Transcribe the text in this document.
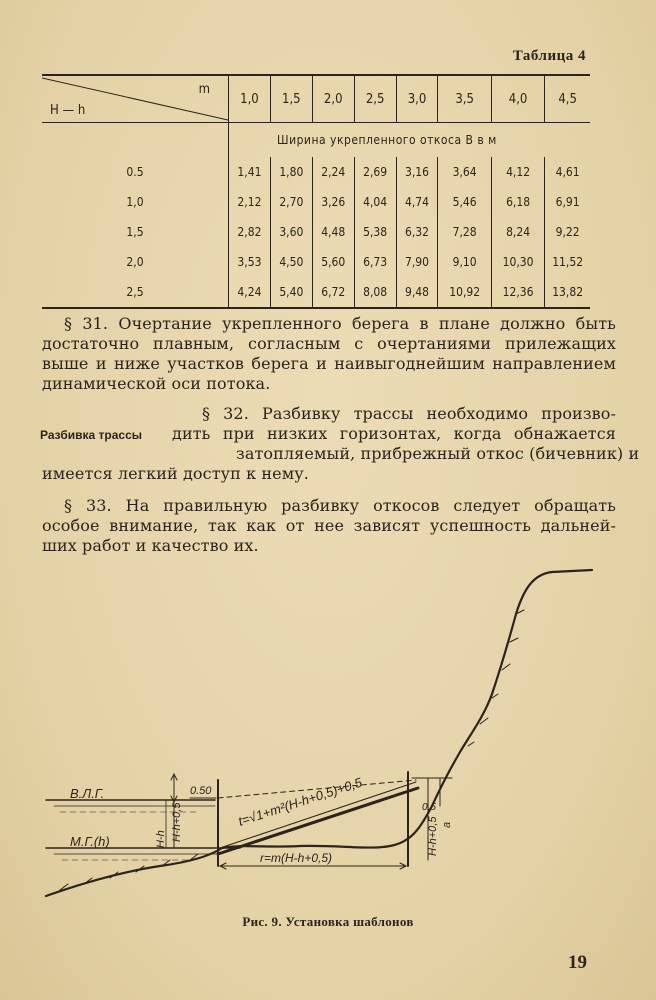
Таблица 4
m
H — h	1,0	1,5	2,0	2,5	3,0	3,5	4,0	4,5
	Ширина укрепленного откоса В в м							
0.5	1,41	1,80	2,24	2,69	3,16	3,64	4,12	4,61
1,0	2,12	2,70	3,26	4,04	4,74	5,46	6,18	6,91
1,5	2,82	3,60	4,48	5,38	6,32	7,28	8,24	9,22
2,0	3,53	4,50	5,60	6,73	7,90	9,10	10,30	11,52
2,5	4,24	5,40	6,72	8,08	9,48	10,92	12,36	13,82
§ 31. Очертание укрепленного берега в плане должно быть
достаточно плавным, согласным с очертаниями прилежащих
выше и ниже участков берега и наивыгоднейшим направлением
динамической оси потока.
Разбивка трассы
§ 32. Разбивку трассы необходимо произво-
дить при низких горизонтах, когда обнажается
затопляемый, прибрежный откос (бичевник) и
имеется легкий доступ к нему.
§ 33. На правильную разбивку откосов следует обращать
особое внимание, так как от нее зависят успешность дальней-
ших работ и качество их.
В.Л.Г.
М.Г.(h)
0.50 t=√1+m²(H-h+0,5)+0,5
r=m(H-h+0,5)
H-h H-h+0,5	H-h+0,5 a
0,5
Рис. 9. Установка шаблонов
19
